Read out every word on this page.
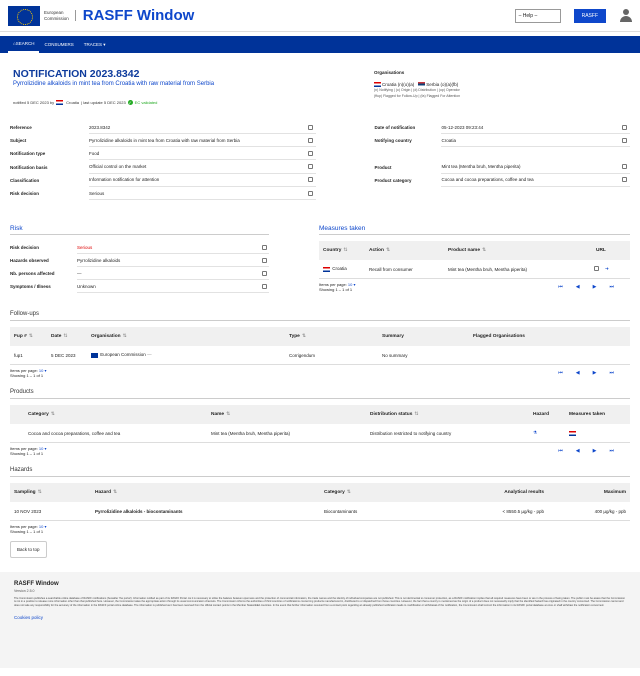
European
Commission RASFF Window	– Help –	RASFF
⌂ SEARCH	CONSUMERS	TRACES ▾
NOTIFICATION 2023.8342
Pyrrolizidine alkaloids in mint tea from Croatia with raw material from Serbia
notified 5 DEC 2023 by	Croatia | last update 5 DEC 2023 ✓ EC validated
Organisations
Croatia (n)(o)(a)	Serbia (o)(a)(fb)
(n) Notifying | (o) Origin | (d) Distribution | (op) Operator
(ffup) Flagged for Follow-Up | (fa) Flagged For Attention
Reference	2023.8342
Subject	Pyrrolizidine alkaloids in mint tea from Croatia with raw material from Serbia
Notification type	Food
Notification basis	Official control on the market
Classification	Information notification for attention
Risk decision	Serious
Date of notification	05-12-2023 09:23:44
Notifying country	Croatia
Product	Mint tea (Mentha bruh, Mentha piperita)
Product category	Cocoa and cocoa preparations, coffee and tea
Risk
Risk decision	Serious
Hazards observed	Pyrrolizidine alkaloids
Nb. persons affected	—
Symptoms / Illness	Unknown
Measures taken
Country ⇅	Action ⇅	Product name ⇅	URL
Croatia	Recall from consumer	Mint tea (Mentha bruh, Mentha piperita)	➜
Items per page: 10 ▾
Showing 1 – 1 of 1	⏮	◀	▶	⏭
Follow-ups
Fup # ⇅	Date ⇅	Organisation ⇅	Type ⇅	Summary	Flagged Organisations
fup1	5 DEC 2023	European Commission —	Corrigendum	No summary
Items per page: 10 ▾
Showing 1 – 1 of 1	⏮	◀	▶	⏭
Products
Category ⇅	Name ⇅	Distribution status ⇅	Hazard	Measures taken
Cocoa and cocoa preparations, coffee and tea	Mint tea (Mentha bruh, Mentha piperita)	Distribution restricted to notifying country	⚗
Items per page: 10 ▾
Showing 1 – 1 of 1	⏮	◀	▶	⏭
Hazards
Sampling ⇅	Hazard ⇅	Category ⇅	Analytical results	Maximum
10 NOV 2023	Pyrrolizidine alkaloids - biocontaminants	Biocontaminants	< 8550.5 µg/kg - ppb	400 µg/kg - ppb
Items per page: 10 ▾
Showing 1 – 1 of 1
Back to top
RASFF Window
Version 2.5.0
The Commission publishes a searchable online database of RASFF notifications (hereafter 'the portal'). Information notified as part of its RASFF Portal. As it is necessary to strike the balance between openness and the protection of commercial information, the trade names and the identity of individual companies are not published. This is not detrimental to consumer protection, as a RASFF notification implies that all required measures have been or are in the process of being taken. The public must be aware that the Commission is not in a position to release more information other than that published here. However, the Commission takes the appropriate action through its usual communication channels. The Commission informs the authorities of third countries of notifications concerning products manufactured in, distributed to or dispatched from those countries. However, the fact that a country is mentioned as the origin of a product does not necessarily imply that the identified hazard has originated in the country concerned. The Commission cannot and does not take any responsibility for the accuracy of the information in the RASFF portal online database. The information is published as it has been received from the official contact points in the Member States/EEA countries. In the event that further information received from a contact point regarding an already published notification leads to modification or withdrawal of the notification, the Commission shall correct the information in its RASFF portal database at once or shall withdraw the notification concerned.
Cookies policy
